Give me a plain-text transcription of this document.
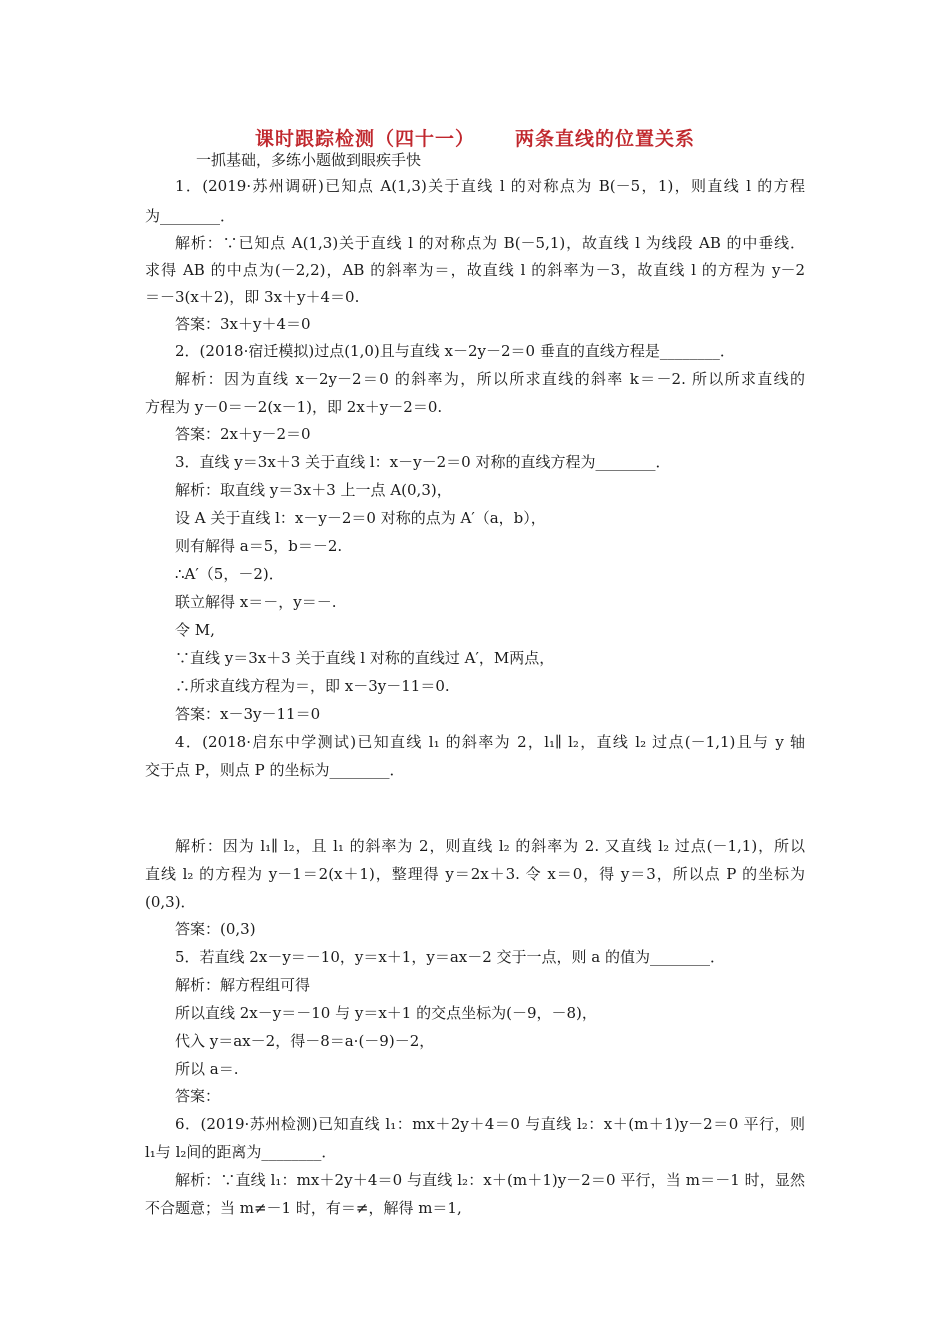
课时跟踪检测（四十一） 两条直线的位置关系
一抓基础，多练小题做到眼疾手快
1．(2019·苏州调研)已知点 A(1,3)关于直线 l 的对称点为 B(－5，1)，则直线 l 的方程
为________．
解析：∵已知点 A(1,3)关于直线 l 的对称点为 B(－5,1)，故直线 l 为线段 AB 的中垂线．
求得 AB 的中点为(－2,2)，AB 的斜率为＝，故直线 l 的斜率为－3，故直线 l 的方程为 y－2
＝－3(x＋2)，即 3x＋y＋4＝0.
答案：3x＋y＋4＝0
2．(2018·宿迁模拟)过点(1,0)且与直线 x－2y－2＝0 垂直的直线方程是________．
解析：因为直线 x－2y－2＝0 的斜率为，所以所求直线的斜率 k＝－2. 所以所求直线的
方程为 y－0＝－2(x－1)，即 2x＋y－2＝0.
答案：2x＋y－2＝0
3．直线 y＝3x＋3 关于直线 l：x－y－2＝0 对称的直线方程为________．
解析：取直线 y＝3x＋3 上一点 A(0,3)，
设 A 关于直线 l：x－y－2＝0 对称的点为 A′（a，b），
则有解得 a＝5，b＝－2.
∴A′（5，－2)．
联立解得 x＝－，y＝－.
令 M,
∵直线 y＝3x＋3 关于直线 l 对称的直线过 A′，M两点，
∴所求直线方程为＝，即 x－3y－11＝0.
答案：x－3y－11＝0
4．(2018·启东中学测试)已知直线 l₁ 的斜率为 2，l₁∥ l₂，直线 l₂ 过点(－1,1)且与 y 轴
交于点 P，则点 P 的坐标为________．
解析：因为 l₁∥ l₂，且 l₁ 的斜率为 2，则直线 l₂ 的斜率为 2. 又直线 l₂ 过点(－1,1)，所以
直线 l₂ 的方程为 y－1＝2(x＋1)，整理得 y＝2x＋3. 令 x＝0，得 y＝3，所以点 P 的坐标为
(0,3)．
答案：(0,3)
5．若直线 2x－y＝－10，y＝x＋1，y＝ax－2 交于一点，则 a 的值为________．
解析：解方程组可得
所以直线 2x－y＝－10 与 y＝x＋1 的交点坐标为(－9，－8)，
代入 y＝ax－2，得－8＝a·(－9)－2，
所以 a＝.
答案：
6．(2019·苏州检测)已知直线 l₁：mx＋2y＋4＝0 与直线 l₂：x＋(m＋1)y－2＝0 平行，则
l₁与 l₂间的距离为________．
解析：∵直线 l₁：mx＋2y＋4＝0 与直线 l₂：x＋(m＋1)y－2＝0 平行，当 m＝－1 时，显然
不合题意；当 m≠－1 时，有＝≠，解得 m＝1,
